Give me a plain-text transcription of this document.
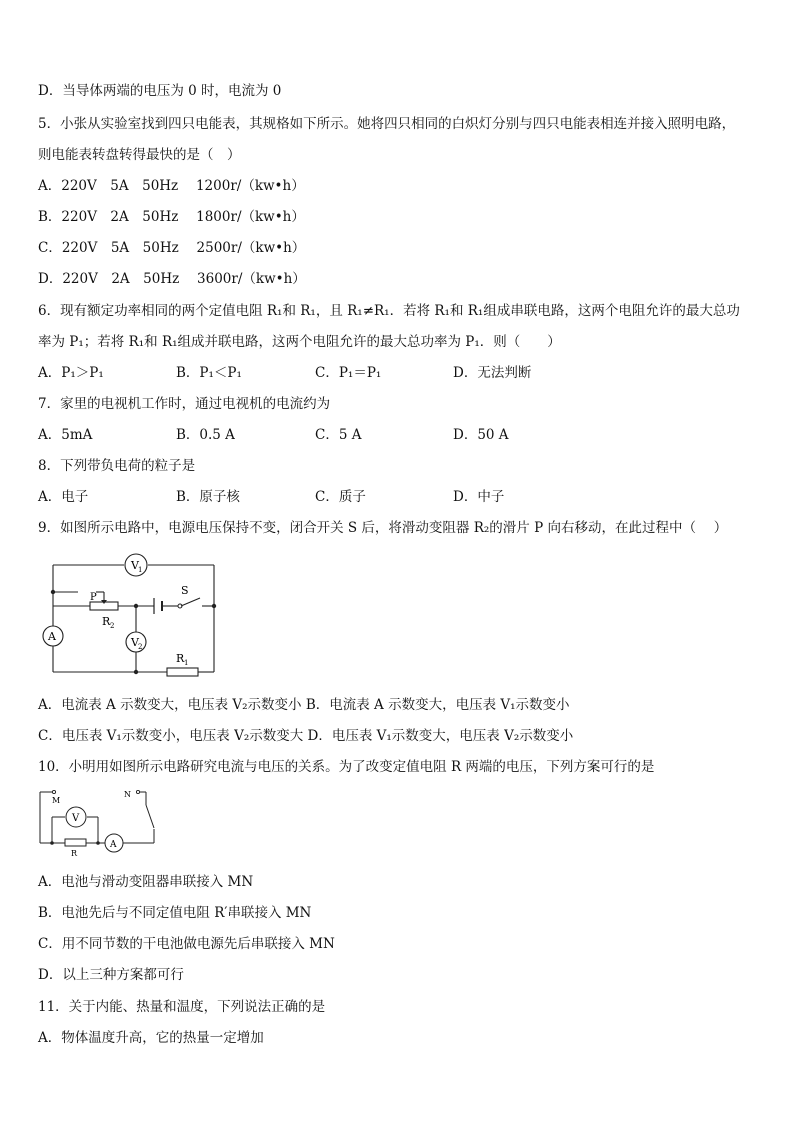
D．当导体两端的电压为 0 时，电流为 0
5．小张从实验室找到四只电能表，其规格如下所示。她将四只相同的白炽灯分别与四只电能表相连并接入照明电路，
则电能表转盘转得最快的是（　）
A．220V　5A　50Hz　 1200r/（kw•h）
B．220V　2A　50Hz　 1800r/（kw•h）
C．220V　5A　50Hz　 2500r/（kw•h）
D．220V　2A　50Hz　 3600r/（kw•h）
6．现有额定功率相同的两个定值电阻 R₁和 R₁，且 R₁≠R₁．若将 R₁和 R₁组成串联电路，这两个电阻允许的最大总功
率为 P₁；若将 R₁和 R₁组成并联电路，这两个电阻允许的最大总功率为 P₁．则（　　）
A．P₁＞P₁	B．P₁＜P₁	C．P₁＝P₁	D．无法判断
7．家里的电视机工作时，通过电视机的电流约为
A．5mA	B．0.5 A	C．5 A	D．50 A
8．下列带负电荷的粒子是
A．电子	B．原子核	C．质子	D．中子
9．如图所示电路中，电源电压保持不变，闭合开关 S 后，将滑动变阻器 R₂的滑片 P 向右移动，在此过程中（　 ）
V 1
A	V 2
P
S
R 2
R 1
A．电流表 A 示数变大，电压表 V₂示数变小 B．电流表 A 示数变大，电压表 V₁示数变小
C．电压表 V₁示数变小，电压表 V₂示数变大 D．电压表 V₁示数变大，电压表 V₂示数变小
10．小明用如图所示电路研究电流与电压的关系。为了改变定值电阻 R 两端的电压，下列方案可行的是
M
N
V
A
R
A．电池与滑动变阻器串联接入 MN
B．电池先后与不同定值电阻 R′串联接入 MN
C．用不同节数的干电池做电源先后串联接入 MN
D．以上三种方案都可行
11．关于内能、热量和温度，下列说法正确的是
A．物体温度升高，它的热量一定增加
